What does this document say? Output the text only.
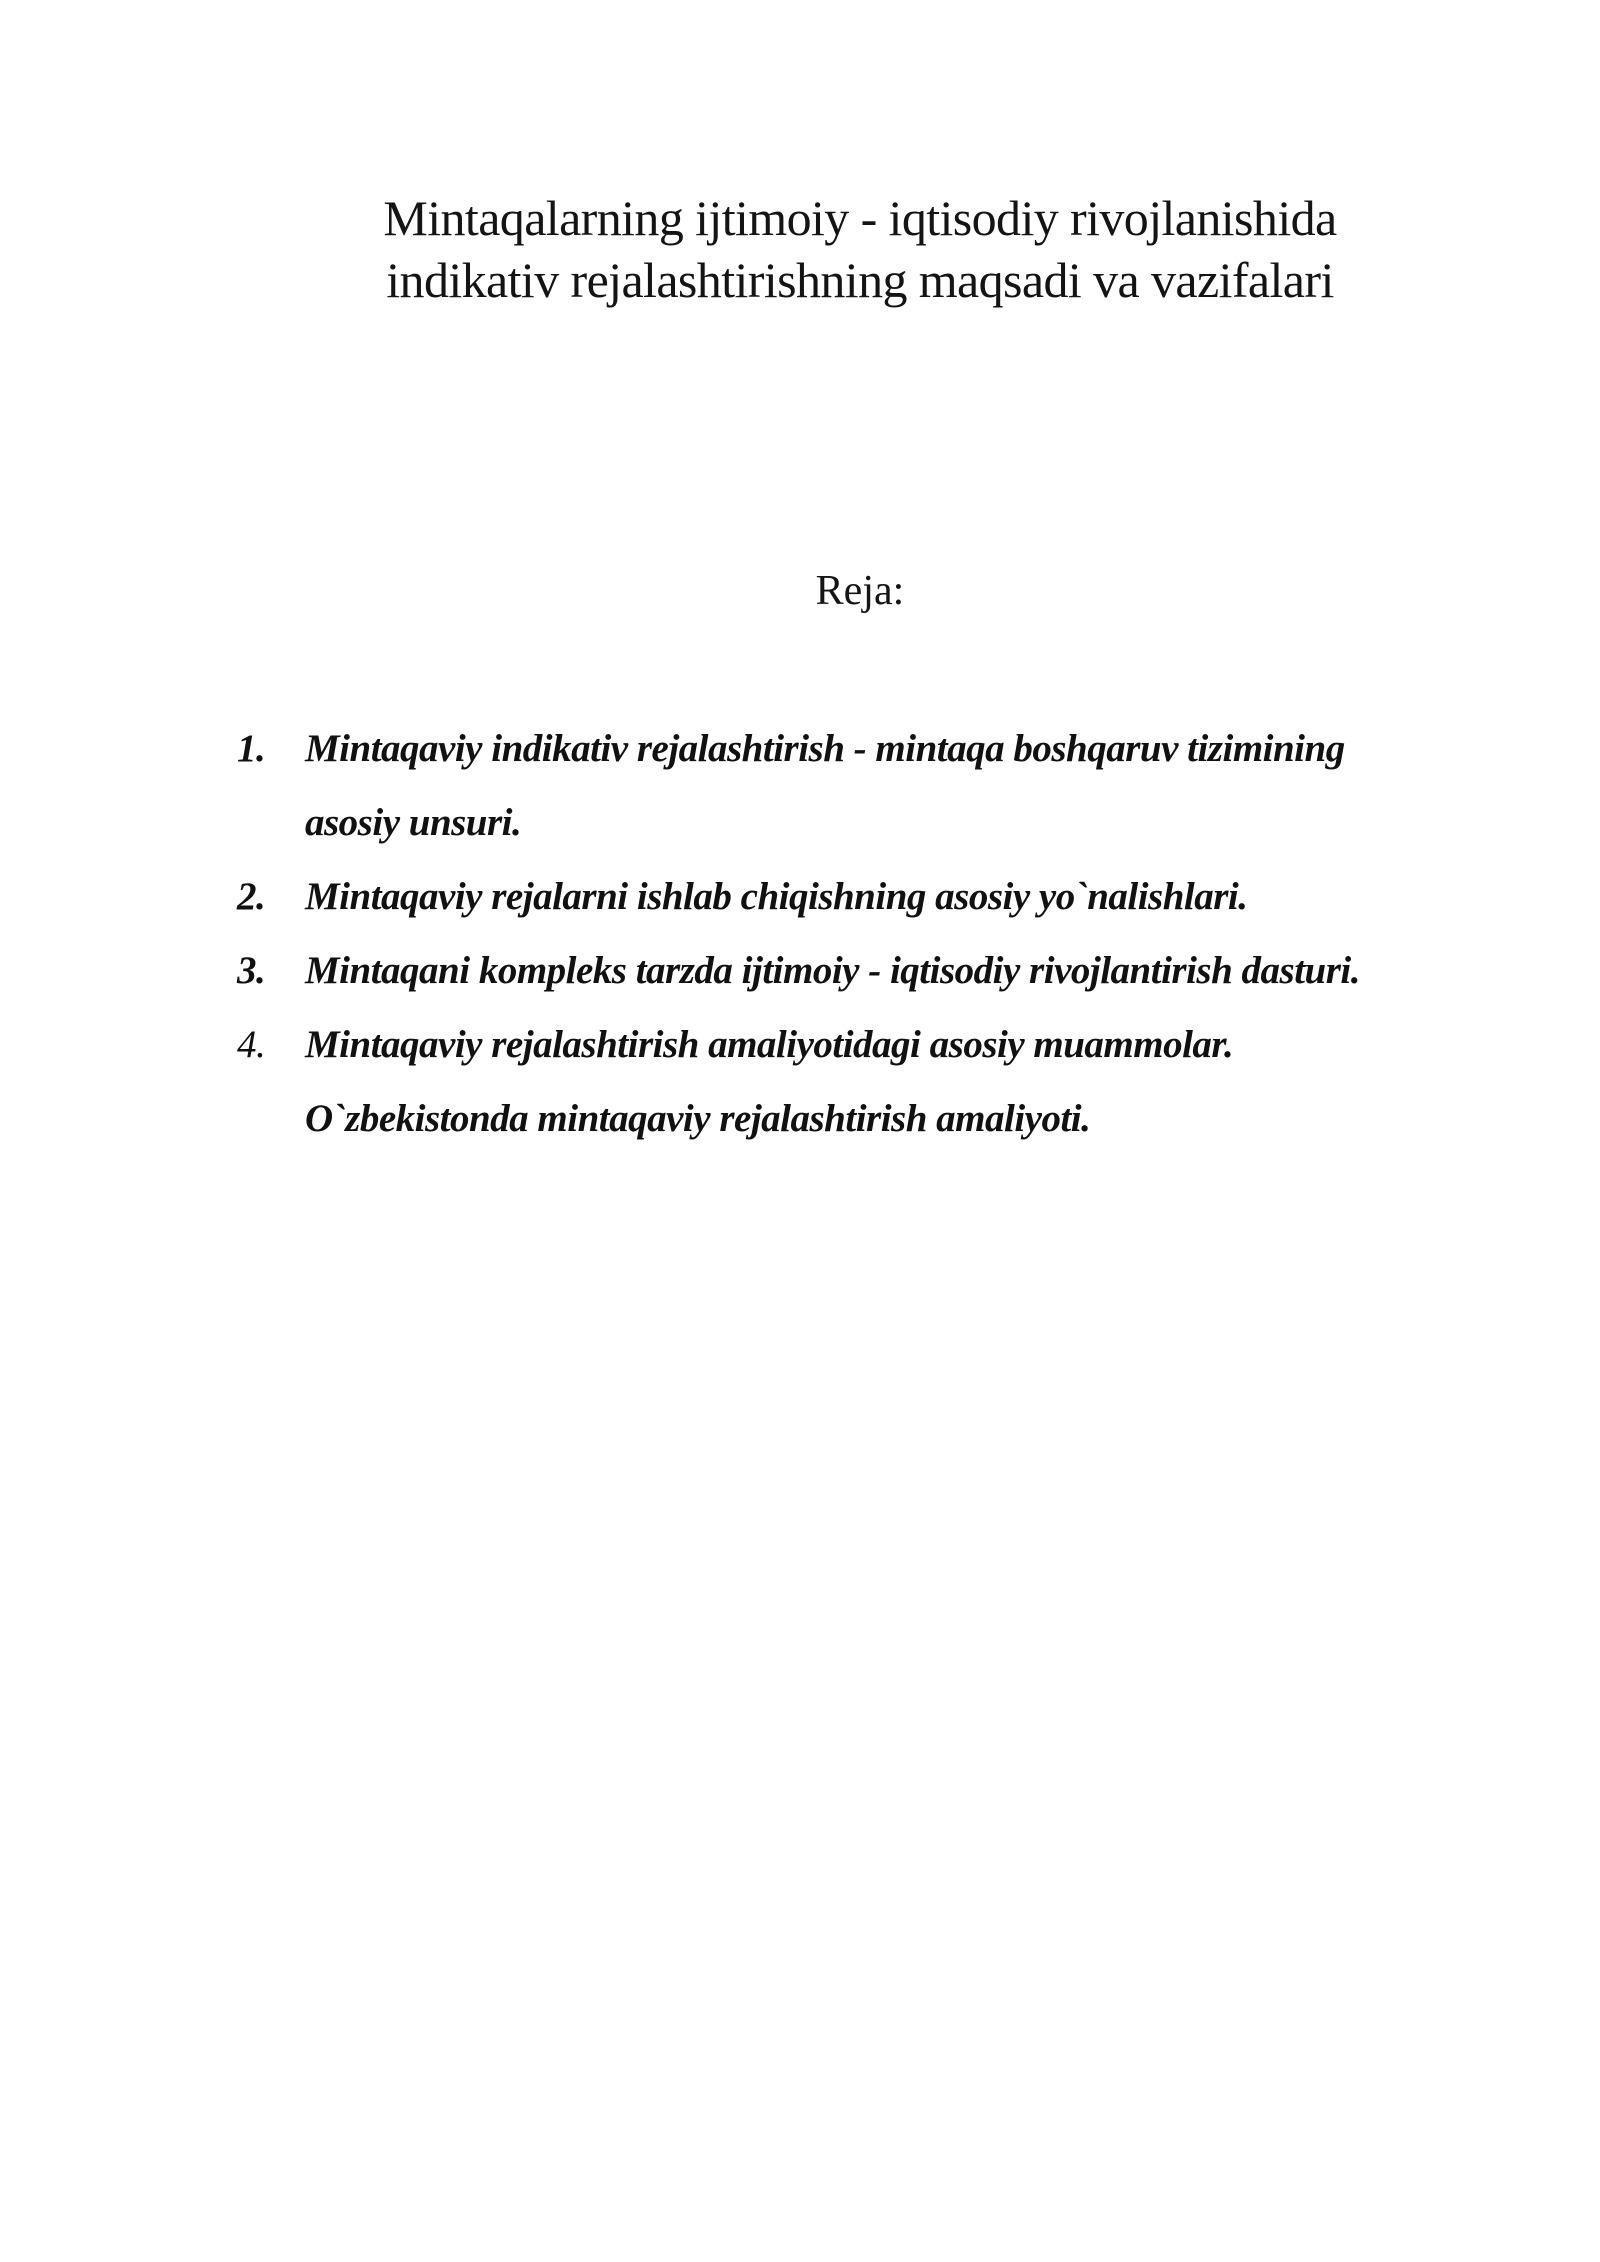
Mintaqalarning ijtimoiy - iqtisodiy rivojlanishida
indikativ rejalashtirishning maqsadi va vazifalari
Reja:
1.	Mintaqaviy indikativ rejalashtirish - mintaqa boshqaruv tizimining
asosiy unsuri.
2.	Mintaqaviy rejalarni ishlab chiqishning asosiy yo`nalishlari.
3.	Mintaqani kompleks tarzda ijtimoiy - iqtisodiy rivojlantirish dasturi.
4.	Mintaqaviy rejalashtirish amaliyotidagi asosiy muammolar.
O`zbekistonda mintaqaviy rejalashtirish amaliyoti.
